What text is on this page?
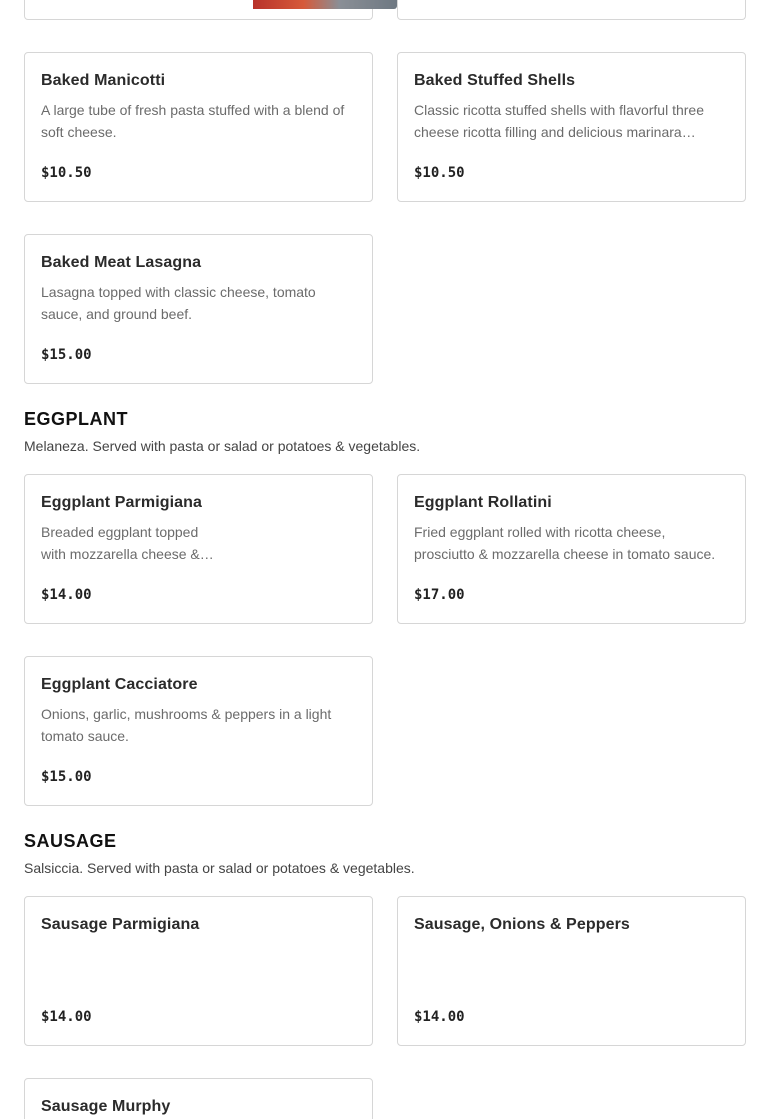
Baked Manicotti
A large tube of fresh pasta stuffed with a blend of soft cheese.
$10.50
Baked Stuffed Shells
Classic ricotta stuffed shells with flavorful three cheese ricotta filling and delicious marinara…
$10.50
Baked Meat Lasagna
Lasagna topped with classic cheese, tomato sauce, and ground beef.
$15.00
EGGPLANT
Melaneza. Served with pasta or salad or potatoes & vegetables.
Eggplant Parmigiana
Breaded eggplant topped
with mozzarella cheese &…
$14.00
Eggplant Rollatini
Fried eggplant rolled with ricotta cheese, prosciutto & mozzarella cheese in tomato sauce.
$17.00
Eggplant Cacciatore
Onions, garlic, mushrooms & peppers in a light tomato sauce.
$15.00
SAUSAGE
Salsiccia. Served with pasta or salad or potatoes & vegetables.
Sausage Parmigiana
$14.00
Sausage, Onions & Peppers
$14.00
Sausage Murphy
